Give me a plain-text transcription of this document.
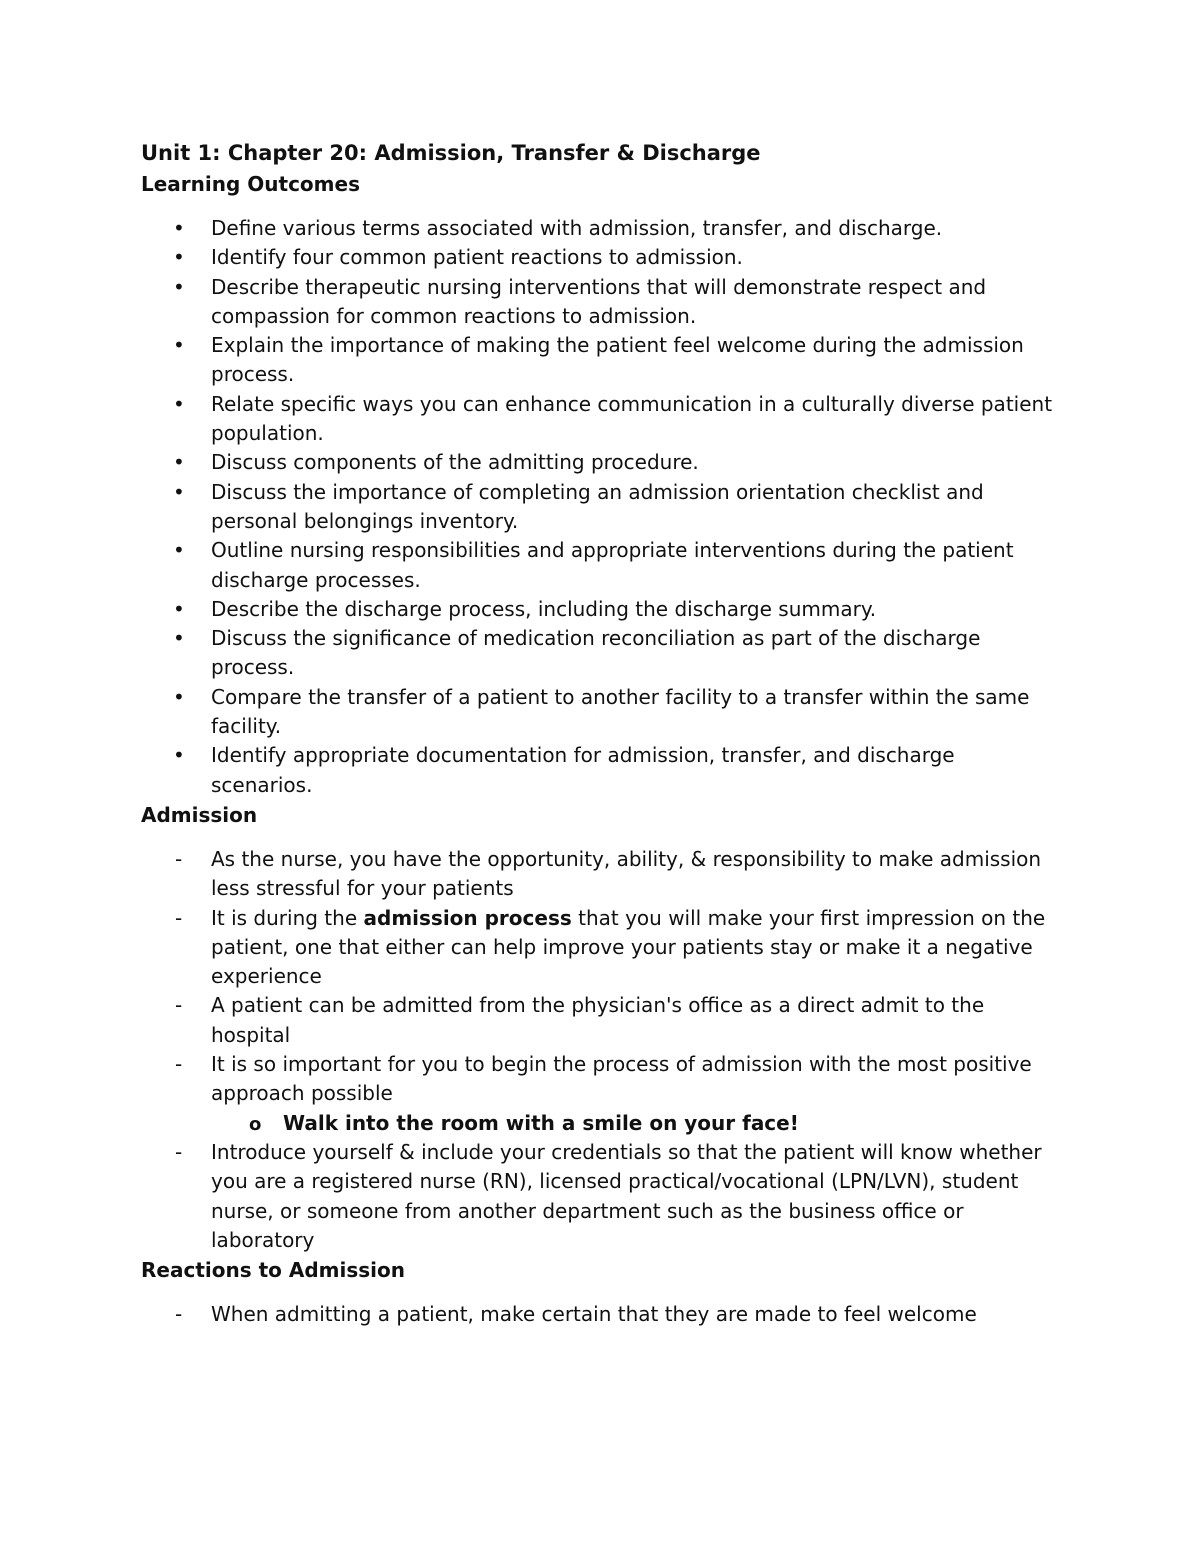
Unit 1: Chapter 20: Admission, Transfer & Discharge
Learning Outcomes
• Define various terms associated with admission, transfer, and discharge.
• Identify four common patient reactions to admission.
• Describe therapeutic nursing interventions that will demonstrate respect and compassion for common reactions to admission.
• Explain the importance of making the patient feel welcome during the admission process.
• Relate specific ways you can enhance communication in a culturally diverse patient population.
• Discuss components of the admitting procedure.
• Discuss the importance of completing an admission orientation checklist and personal belongings inventory.
• Outline nursing responsibilities and appropriate interventions during the patient discharge processes.
• Describe the discharge process, including the discharge summary.
• Discuss the significance of medication reconciliation as part of the discharge process.
• Compare the transfer of a patient to another facility to a transfer within the same facility.
• Identify appropriate documentation for admission, transfer, and discharge scenarios.
Admission
- As the nurse, you have the opportunity, ability, & responsibility to make admission less stressful for your patients
- It is during the admission process that you will make your first impression on the patient, one that either can help improve your patients stay or make it a negative experience
- A patient can be admitted from the physician's office as a direct admit to the hospital
- It is so important for you to begin the process of admission with the most positive approach possible
o Walk into the room with a smile on your face!
- Introduce yourself & include your credentials so that the patient will know whether you are a registered nurse (RN), licensed practical/vocational (LPN/LVN), student nurse, or someone from another department such as the business office or laboratory
Reactions to Admission
- When admitting a patient, make certain that they are made to feel welcome
